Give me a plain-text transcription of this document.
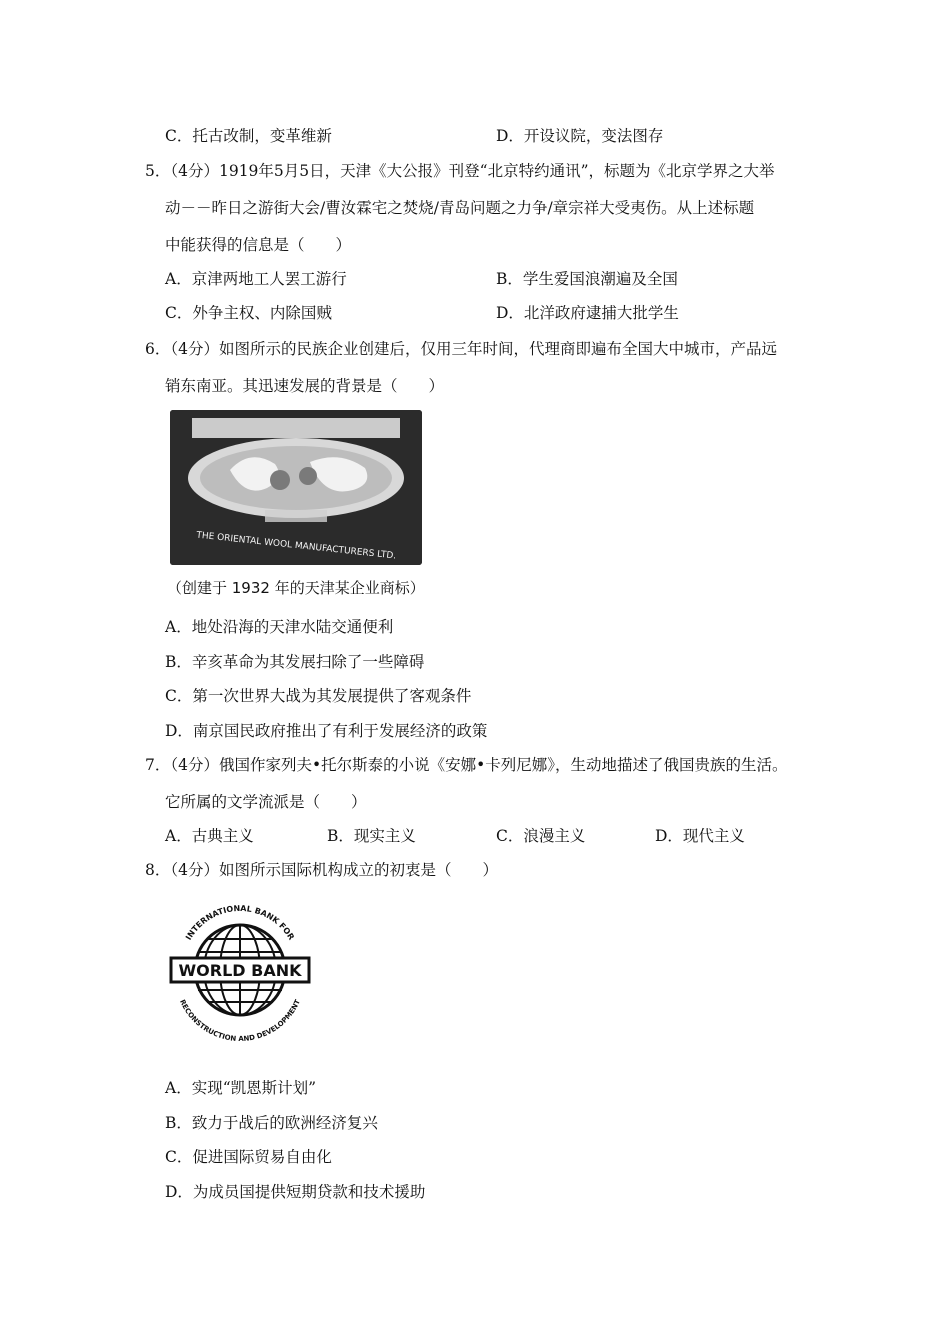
C．托古改制，变革维新	D．开设议院，变法图存
5．（4分）1919年5月5日，天津《大公报》刊登“北京特约通讯”，标题为《北京学界之大举
动－－昨日之游街大会/曹汝霖宅之焚烧/青岛问题之力争/章宗祥大受夷伤。从上述标题
中能获得的信息是（　　）
A．京津两地工人罢工游行	B．学生爱国浪潮遍及全国
C．外争主权、内除国贼	D．北洋政府逮捕大批学生
6．（4分）如图所示的民族企业创建后，仅用三年时间，代理商即遍布全国大中城市，产品远
销东南亚。其迅速发展的背景是（　　）
THE ORIENTAL WOOL MANUFACTURERS LTD.
（创建于 1932 年的天津某企业商标）
A．地处沿海的天津水陆交通便利
B．辛亥革命为其发展扫除了一些障碍
C．第一次世界大战为其发展提供了客观条件
D．南京国民政府推出了有利于发展经济的政策
7．（4分）俄国作家列夫•托尔斯泰的小说《安娜•卡列尼娜》，生动地描述了俄国贵族的生活。
它所属的文学流派是（　　）
A．古典主义	B．现实主义	C．浪漫主义	D．现代主义
8．（4分）如图所示国际机构成立的初衷是（　　）
WORLD BANK
INTERNATIONAL BANK FOR
RECONSTRUCTION AND DEVELOPMENT
A．实现“凯恩斯计划”
B．致力于战后的欧洲经济复兴
C．促进国际贸易自由化
D．为成员国提供短期贷款和技术援助
